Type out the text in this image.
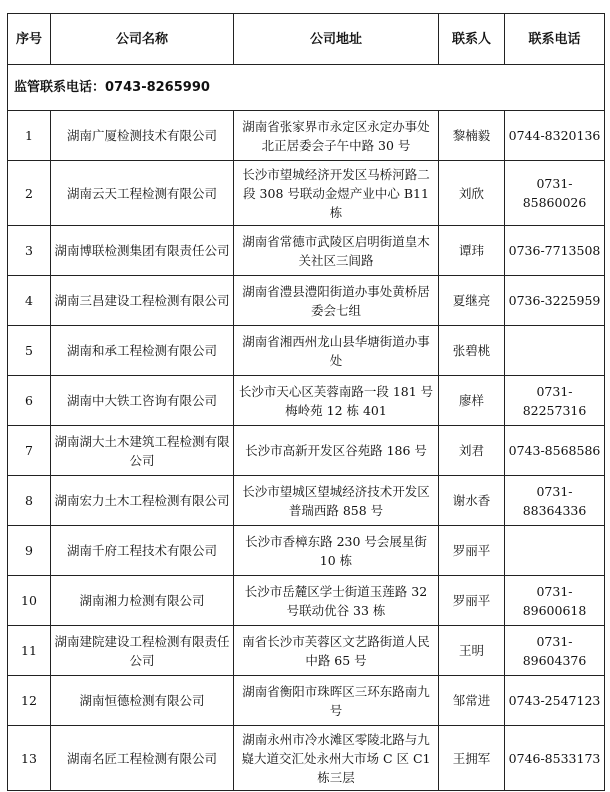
监管联系电话：0743-8265990				
序号	公司名称	公司地址	联系人	联系电话
1	湖南广厦检测技术有限公司	湖南省张家界市永定区永定办事处北正居委会子午中路 30 号	黎楠毅	0744-8320136
2	湖南云天工程检测有限公司	长沙市望城经济开发区马桥河路二段 308 号联动金煜产业中心 B11 栋	刘欣	0731-85860026
3	湖南博联检测集团有限责任公司	湖南省常德市武陵区启明街道皇木关社区三闾路	谭玮	0736-7713508
4	湖南三昌建设工程检测有限公司	湖南省澧县澧阳街道办事处黄桥居委会七组	夏继亮	0736-3225959
5	湖南和承工程检测有限公司	湖南省湘西州龙山县华塘街道办事处	张碧桃	
6	湖南中大铁工咨询有限公司	长沙市天心区芙蓉南路一段 181 号梅岭苑 12 栋 401	廖样	0731-82257316
7	湖南湖大土木建筑工程检测有限公司	长沙市高新开发区谷苑路 186 号	刘君	0743-8568586
8	湖南宏力土木工程检测有限公司	长沙市望城区望城经济技术开发区普瑞西路 858 号	谢水香	0731-88364336
9	湖南千府工程技术有限公司	长沙市香樟东路 230 号会展星街 10 栋	罗丽平	
10	湖南湘力检测有限公司	长沙市岳麓区学士街道玉莲路 32 号联动优谷 33 栋	罗丽平	0731-89600618
11	湖南建院建设工程检测有限责任公司	南省长沙市芙蓉区文艺路街道人民中路 65 号	王明	0731-89604376
12	湖南恒德检测有限公司	湖南省衡阳市珠晖区三环东路南九号	邹常进	0743-2547123
13	湖南名匠工程检测有限公司	湖南永州市冷水滩区零陵北路与九嶷大道交汇处永州大市场 C 区 C1 栋三层	王拥军	0746-8533173
